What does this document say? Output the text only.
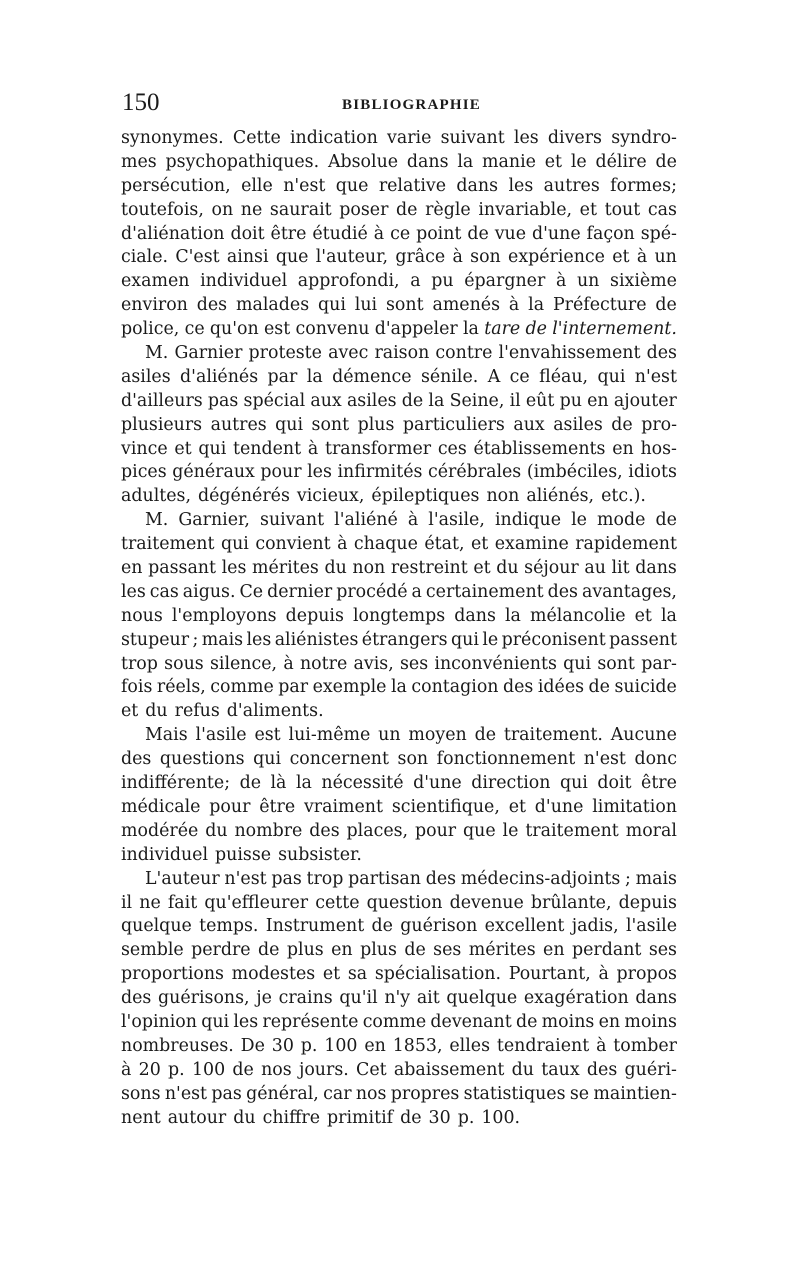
150	BIBLIOGRAPHIE
synonymes. Cette indication varie suivant les divers syndro-
mes psychopathiques. Absolue dans la manie et le délire de
persécution, elle n'est que relative dans les autres formes;
toutefois, on ne saurait poser de règle invariable, et tout cas
d'aliénation doit être étudié à ce point de vue d'une façon spé-
ciale. C'est ainsi que l'auteur, grâce à son expérience et à un
examen individuel approfondi, a pu épargner à un sixième
environ des malades qui lui sont amenés à la Préfecture de
police, ce qu'on est convenu d'appeler la tare de l'internement.
M. Garnier proteste avec raison contre l'envahissement des
asiles d'aliénés par la démence sénile. A ce fléau, qui n'est
d'ailleurs pas spécial aux asiles de la Seine, il eût pu en ajouter
plusieurs autres qui sont plus particuliers aux asiles de pro-
vince et qui tendent à transformer ces établissements en hos-
pices généraux pour les infirmités cérébrales (imbéciles, idiots
adultes, dégénérés vicieux, épileptiques non aliénés, etc.).
M. Garnier, suivant l'aliéné à l'asile, indique le mode de
traitement qui convient à chaque état, et examine rapidement
en passant les mérites du non restreint et du séjour au lit dans
les cas aigus. Ce dernier procédé a certainement des avantages,
nous l'employons depuis longtemps dans la mélancolie et la
stupeur ; mais les aliénistes étrangers qui le préconisent passent
trop sous silence, à notre avis, ses inconvénients qui sont par-
fois réels, comme par exemple la contagion des idées de suicide
et du refus d'aliments.
Mais l'asile est lui-même un moyen de traitement. Aucune
des questions qui concernent son fonctionnement n'est donc
indifférente; de là la nécessité d'une direction qui doit être
médicale pour être vraiment scientifique, et d'une limitation
modérée du nombre des places, pour que le traitement moral
individuel puisse subsister.
L'auteur n'est pas trop partisan des médecins-adjoints ; mais
il ne fait qu'effleurer cette question devenue brûlante, depuis
quelque temps. Instrument de guérison excellent jadis, l'asile
semble perdre de plus en plus de ses mérites en perdant ses
proportions modestes et sa spécialisation. Pourtant, à propos
des guérisons, je crains qu'il n'y ait quelque exagération dans
l'opinion qui les représente comme devenant de moins en moins
nombreuses. De 30 p. 100 en 1853, elles tendraient à tomber
à 20 p. 100 de nos jours. Cet abaissement du taux des guéri-
sons n'est pas général, car nos propres statistiques se maintien-
nent autour du chiffre primitif de 30 p. 100.
